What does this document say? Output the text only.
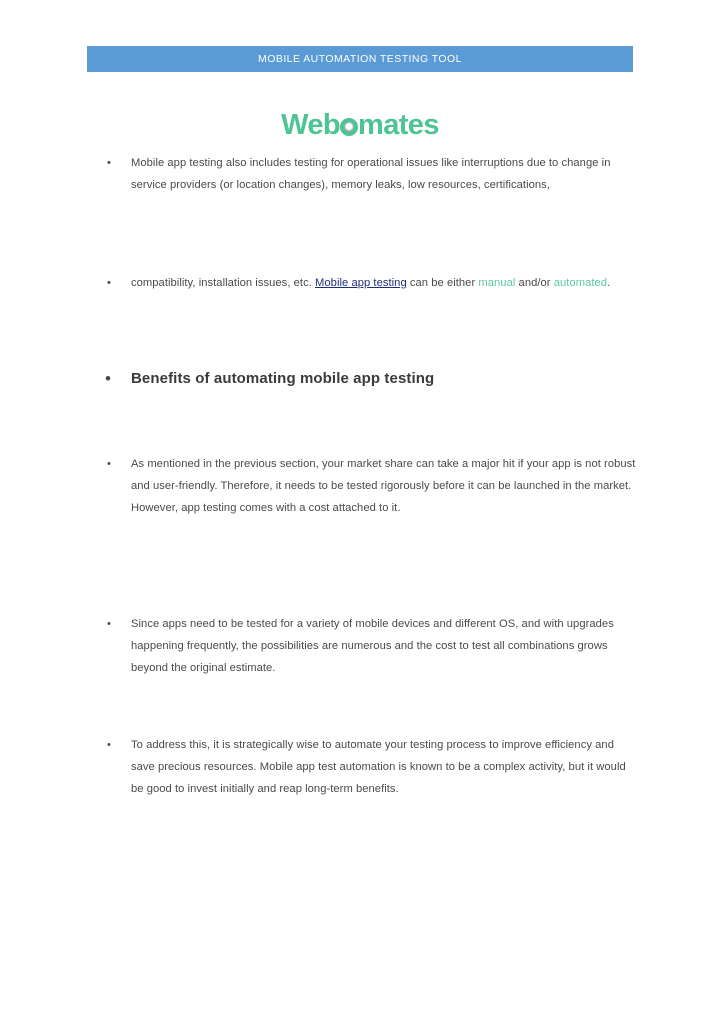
MOBILE AUTOMATION TESTING TOOL
Web mates
•	Mobile app testing also includes testing for operational issues like interruptions due to change in service providers (or location changes), memory leaks, low resources, certifications,
•	compatibility, installation issues, etc. Mobile app testing can be either manual and/or automated.
•	Benefits of automating mobile app testing
•	As mentioned in the previous section, your market share can take a major hit if your app is not robust and user-friendly. Therefore, it needs to be tested rigorously before it can be launched in the market. However, app testing comes with a cost attached to it.
•	Since apps need to be tested for a variety of mobile devices and different OS, and with upgrades happening frequently, the possibilities are numerous and the cost to test all combinations grows beyond the original estimate.
•	To address this, it is strategically wise to automate your testing process to improve efficiency and save precious resources. Mobile app test automation is known to be a complex activity, but it would be good to invest initially and reap long-term benefits.
